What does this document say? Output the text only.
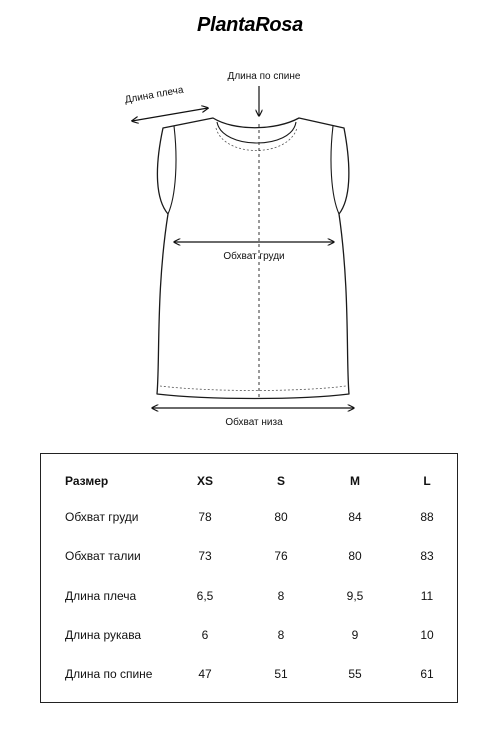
PlantaRosa
Длина по спине
Длина плеча
Обхват груди
Обхват низа
Размер	XS	S	M	L
Обхват груди	78	80	84	88
Обхват талии	73	76	80	83
Длина плеча	6,5	8	9,5	11
Длина рукава	6	8	9	10
Длина по спине	47	51	55	61
